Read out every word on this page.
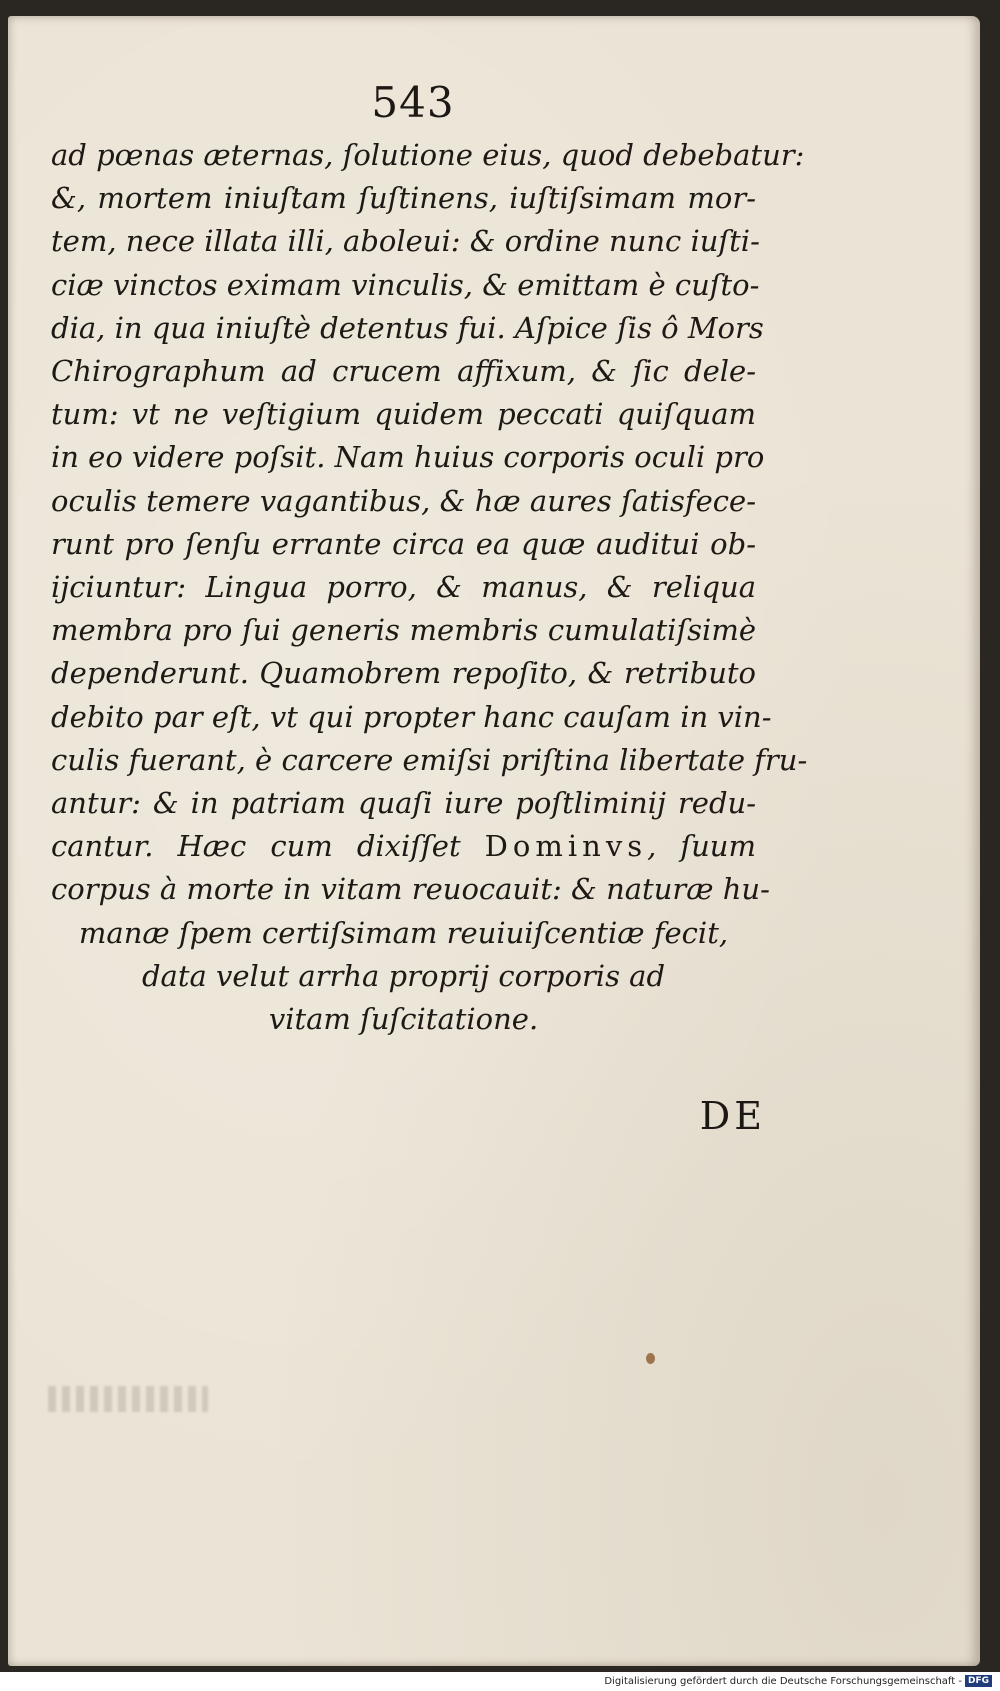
543
ad pœnas æternas, ſolutione eius, quod debebatur:
&, mortem iniuſtam ſuſtinens, iuſtiſsimam mor-
tem, nece illata illi, aboleui: & ordine nunc iuſti-
ciæ vinctos eximam vinculis, & emittam è cuſto-
dia, in qua iniuſtè detentus fui. Aſpice ſis ô Mors
Chirographum ad crucem affixum, & ſic dele-
tum: vt ne veſtigium quidem peccati quiſquam
in eo videre poſsit. Nam huius corporis oculi pro
oculis temere vagantibus, & hæ aures ſatisfece-
runt pro ſenſu errante circa ea quæ auditui ob-
ijciuntur: Lingua porro, & manus, & reliqua
membra pro ſui generis membris cumulatiſsimè
dependerunt. Quamobrem repoſito, & retributo
debito par eſt, vt qui propter hanc cauſam in vin-
culis fuerant, è carcere emiſsi priſtina libertate fru-
antur: & in patriam quaſi iure poſtliminij redu-
cantur. Hæc cum dixiſſet Dominvs, ſuum
corpus à morte in vitam reuocauit: & naturæ hu-
manæ ſpem certiſsimam reuiuiſcentiæ fecit,
data velut arrha proprij corporis ad
vitam ſuſcitatione.
DE
Digitalisierung gefördert durch die Deutsche Forschungsgemeinschaft - DFG
